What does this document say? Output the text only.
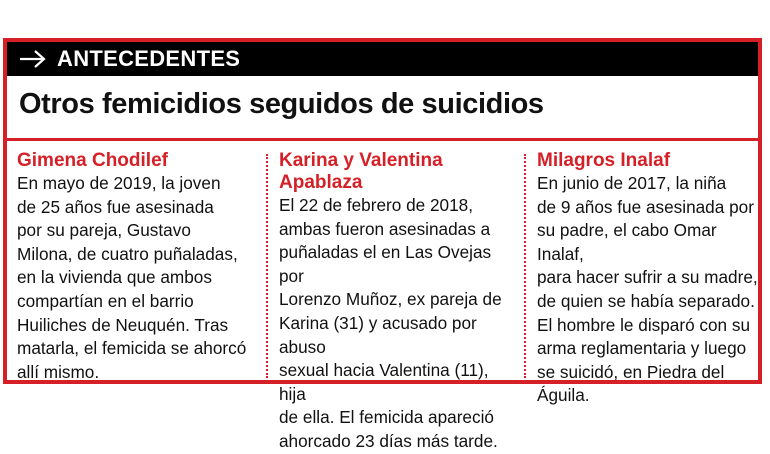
ANTECEDENTES
Otros femicidios seguidos de suicidios

Gimena Chodilef

En mayo de 2019, la joven
de 25 años fue asesinada
por su pareja, Gustavo
Milona, de cuatro puñaladas,
en la vivienda que ambos
compartían en el barrio
Huiliches de Neuquén. Tras
matarla, el femicida se ahorcó
allí mismo.

Karina y Valentina
Apablaza

El 22 de febrero de 2018,
ambas fueron asesinadas a
puñaladas el en Las Ovejas por
Lorenzo Muñoz, ex pareja de
Karina (31) y acusado por abuso
sexual hacia Valentina (11), hija
de ella. El femicida apareció
ahorcado 23 días más tarde.

Milagros Inalaf

En junio de 2017, la niña
de 9 años fue asesinada por
su padre, el cabo Omar Inalaf,
para hacer sufrir a su madre,
de quien se había separado.
El hombre le disparó con su
arma reglamentaria y luego
se suicidó, en Piedra del
Águila.
